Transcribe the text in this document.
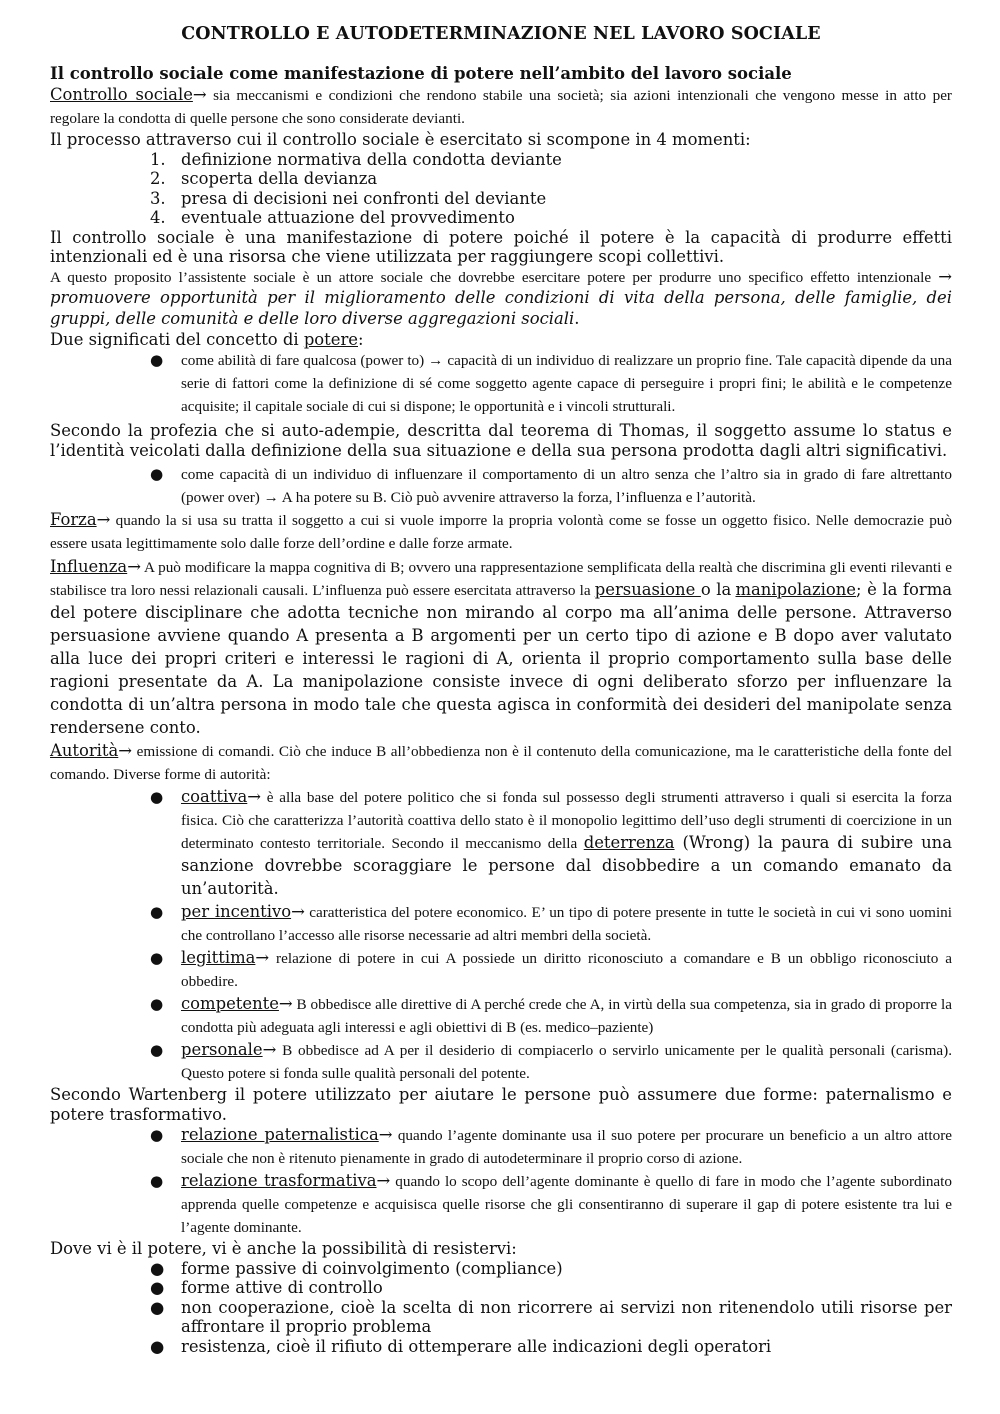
CONTROLLO E AUTODETERMINAZIONE NEL LAVORO SOCIALE

Il controllo sociale come manifestazione di potere nell’ambito del lavoro sociale

Controllo sociale→ sia meccanismi e condizioni che rendono stabile una società; sia azioni intenzionali che vengono messe in atto per regolare la condotta di quelle persone che sono considerate devianti.

Il processo attraverso cui il controllo sociale è esercitato si scompone in 4 momenti:

1. definizione normativa della condotta deviante
2. scoperta della devianza
3. presa di decisioni nei confronti del deviante
4. eventuale attuazione del provvedimento

Il controllo sociale è una manifestazione di potere poiché il potere è la capacità di produrre effetti intenzionali ed è una risorsa che viene utilizzata per raggiungere scopi collettivi.

A questo proposito l’assistente sociale è un attore sociale che dovrebbe esercitare potere per produrre uno specifico effetto intenzionale → promuovere opportunità per il miglioramento delle condizioni di vita della persona, delle famiglie, dei gruppi, delle comunità e delle loro diverse aggregazioni sociali.

Due significati del concetto di potere:

● come abilità di fare qualcosa (power to) → capacità di un individuo di realizzare un proprio fine. Tale capacità dipende da una serie di fattori come la definizione di sé come soggetto agente capace di perseguire i propri fini; le abilità e le competenze acquisite; il capitale sociale di cui si dispone; le opportunità e i vincoli strutturali.

Secondo la profezia che si auto-adempie, descritta dal teorema di Thomas, il soggetto assume lo status e l’identità veicolati dalla definizione della sua situazione e della sua persona prodotta dagli altri significativi.

● come capacità di un individuo di influenzare il comportamento di un altro senza che l’altro sia in grado di fare altrettanto (power over) → A ha potere su B. Ciò può avvenire attraverso la forza, l’influenza e l’autorità.

Forza→ quando la si usa su tratta il soggetto a cui si vuole imporre la propria volontà come se fosse un oggetto fisico. Nelle democrazie può essere usata legittimamente solo dalle forze dell’ordine e dalle forze armate.

Influenza→ A può modificare la mappa cognitiva di B; ovvero una rappresentazione semplificata della realtà che discrimina gli eventi rilevanti e stabilisce tra loro nessi relazionali causali. L’influenza può essere esercitata attraverso la persuasione o la manipolazione; è la forma del potere disciplinare che adotta tecniche non mirando al corpo ma all’anima delle persone. Attraverso persuasione avviene quando A presenta a B argomenti per un certo tipo di azione e B dopo aver valutato alla luce dei propri criteri e interessi le ragioni di A, orienta il proprio comportamento sulla base delle ragioni presentate da A. La manipolazione consiste invece di ogni deliberato sforzo per influenzare la condotta di un’altra persona in modo tale che questa agisca in conformità dei desideri del manipolate senza rendersene conto.

Autorità→ emissione di comandi. Ciò che induce B all’obbedienza non è il contenuto della comunicazione, ma le caratteristiche della fonte del comando. Diverse forme di autorità:

● coattiva→ è alla base del potere politico che si fonda sul possesso degli strumenti attraverso i quali si esercita la forza fisica. Ciò che caratterizza l’autorità coattiva dello stato è il monopolio legittimo dell’uso degli strumenti di coercizione in un determinato contesto territoriale. Secondo il meccanismo della deterrenza (Wrong) la paura di subire una sanzione dovrebbe scoraggiare le persone dal disobbedire a un comando emanato da un’autorità.
● per incentivo→ caratteristica del potere economico. E’ un tipo di potere presente in tutte le società in cui vi sono uomini che controllano l’accesso alle risorse necessarie ad altri membri della società.
● legittima→ relazione di potere in cui A possiede un diritto riconosciuto a comandare e B un obbligo riconosciuto a obbedire.
● competente→ B obbedisce alle direttive di A perché crede che A, in virtù della sua competenza, sia in grado di proporre la condotta più adeguata agli interessi e agli obiettivi di B (es. medico–paziente)
● personale→ B obbedisce ad A per il desiderio di compiacerlo o servirlo unicamente per le qualità personali (carisma). Questo potere si fonda sulle qualità personali del potente.

Secondo Wartenberg il potere utilizzato per aiutare le persone può assumere due forme: paternalismo e potere trasformativo.

● relazione paternalistica→ quando l’agente dominante usa il suo potere per procurare un beneficio a un altro attore sociale che non è ritenuto pienamente in grado di autodeterminare il proprio corso di azione.
● relazione trasformativa→ quando lo scopo dell’agente dominante è quello di fare in modo che l’agente subordinato apprenda quelle competenze e acquisisca quelle risorse che gli consentiranno di superare il gap di potere esistente tra lui e l’agente dominante.

Dove vi è il potere, vi è anche la possibilità di resistervi:

● forme passive di coinvolgimento (compliance)
● forme attive di controllo
● non cooperazione, cioè la scelta di non ricorrere ai servizi non ritenendolo utili risorse per affrontare il proprio problema
● resistenza, cioè il rifiuto di ottemperare alle indicazioni degli operatori
